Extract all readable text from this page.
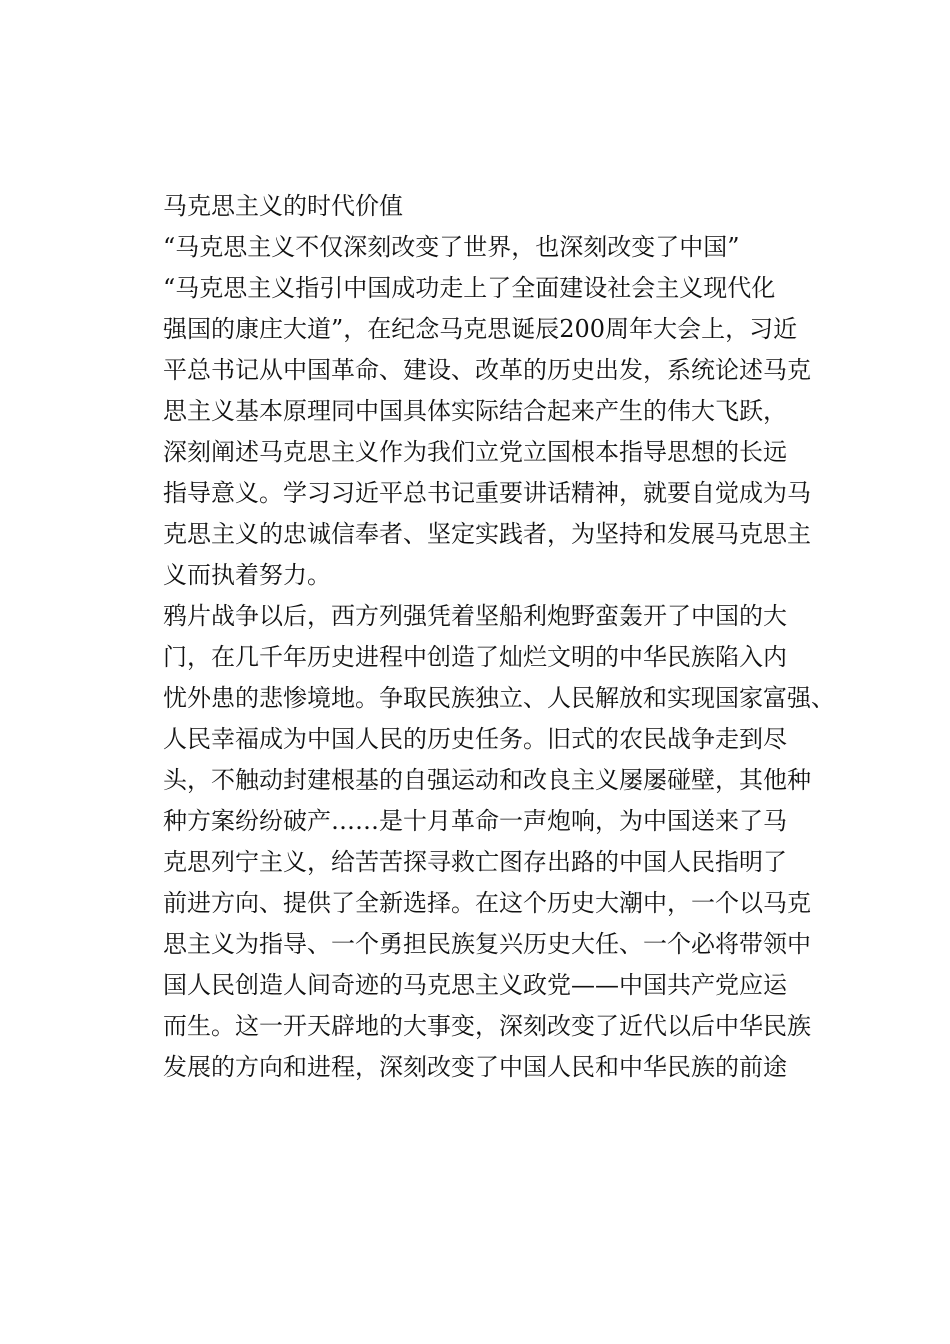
马克思主义的时代价值
“马克思主义不仅深刻改变了世界，也深刻改变了中国”
“马克思主义指引中国成功走上了全面建设社会主义现代化
强国的康庄大道”，在纪念马克思诞辰200周年大会上，习近
平总书记从中国革命、建设、改革的历史出发，系统论述马克
思主义基本原理同中国具体实际结合起来产生的伟大飞跃，
深刻阐述马克思主义作为我们立党立国根本指导思想的长远
指导意义。学习习近平总书记重要讲话精神，就要自觉成为马
克思主义的忠诚信奉者、坚定实践者，为坚持和发展马克思主
义而执着努力。
鸦片战争以后，西方列强凭着坚船利炮野蛮轰开了中国的大
门，在几千年历史进程中创造了灿烂文明的中华民族陷入内
忧外患的悲惨境地。争取民族独立、人民解放和实现国家富强、
人民幸福成为中国人民的历史任务。旧式的农民战争走到尽
头，不触动封建根基的自强运动和改良主义屡屡碰壁，其他种
种方案纷纷破产……是十月革命一声炮响，为中国送来了马
克思列宁主义，给苦苦探寻救亡图存出路的中国人民指明了
前进方向、提供了全新选择。在这个历史大潮中，一个以马克
思主义为指导、一个勇担民族复兴历史大任、一个必将带领中
国人民创造人间奇迹的马克思主义政党——中国共产党应运
而生。这一开天辟地的大事变，深刻改变了近代以后中华民族
发展的方向和进程，深刻改变了中国人民和中华民族的前途
